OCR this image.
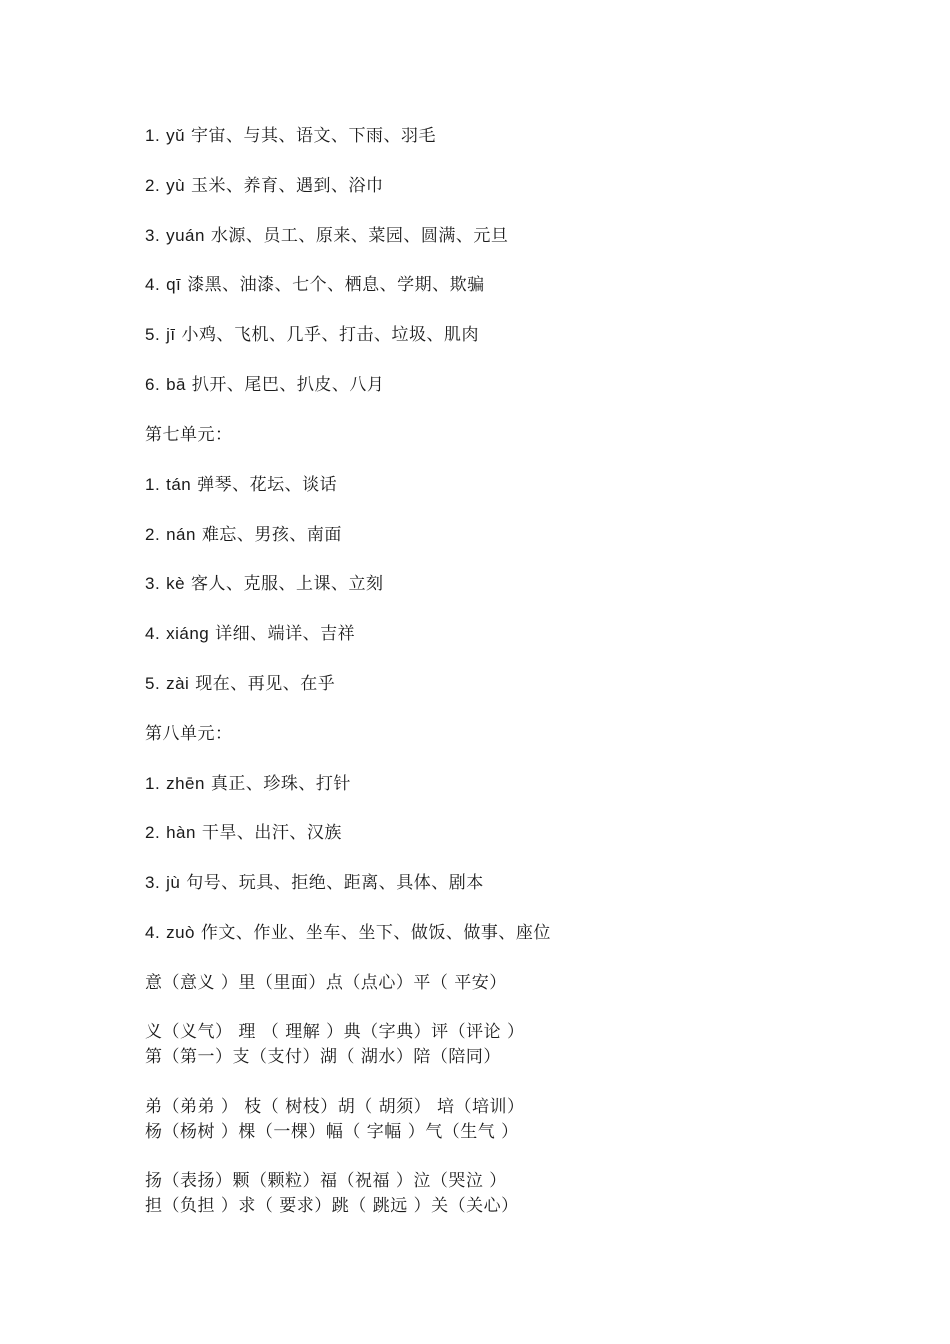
1. yǔ 宇宙、与其、语文、下雨、羽毛
2. yù 玉米、养育、遇到、浴巾
3. yuán 水源、员工、原来、菜园、圆满、元旦
4. qī 漆黑、油漆、七个、栖息、学期、欺骗
5. jī 小鸡、飞机、几乎、打击、垃圾、肌肉
6. bā 扒开、尾巴、扒皮、八月
第七单元：
1. tán 弹琴、花坛、谈话
2. nán 难忘、男孩、南面
3. kè 客人、克服、上课、立刻
4. xiáng 详细、端详、吉祥
5. zài 现在、再见、在乎
第八单元：
1. zhēn 真正、珍珠、打针
2. hàn 干旱、出汗、汉族
3. jù 句号、玩具、拒绝、距离、具体、剧本
4. zuò 作文、作业、坐车、坐下、做饭、做事、座位
意（意义 ）里（里面）点（点心）平（ 平安）
义（义气） 理 （ 理解 ）典（字典）评（评论 ）
第（第一）支（支付）湖（ 湖水）陪（陪同）
弟（弟弟 ） 枝（ 树枝）胡（ 胡须） 培（培训）
杨（杨树 ）棵（一棵）幅（ 字幅 ）气（生气 ）
扬（表扬）颗（颗粒）福（祝福 ）泣（哭泣 ）
担（负担 ）求（ 要求）跳（ 跳远 ）关（关心）
